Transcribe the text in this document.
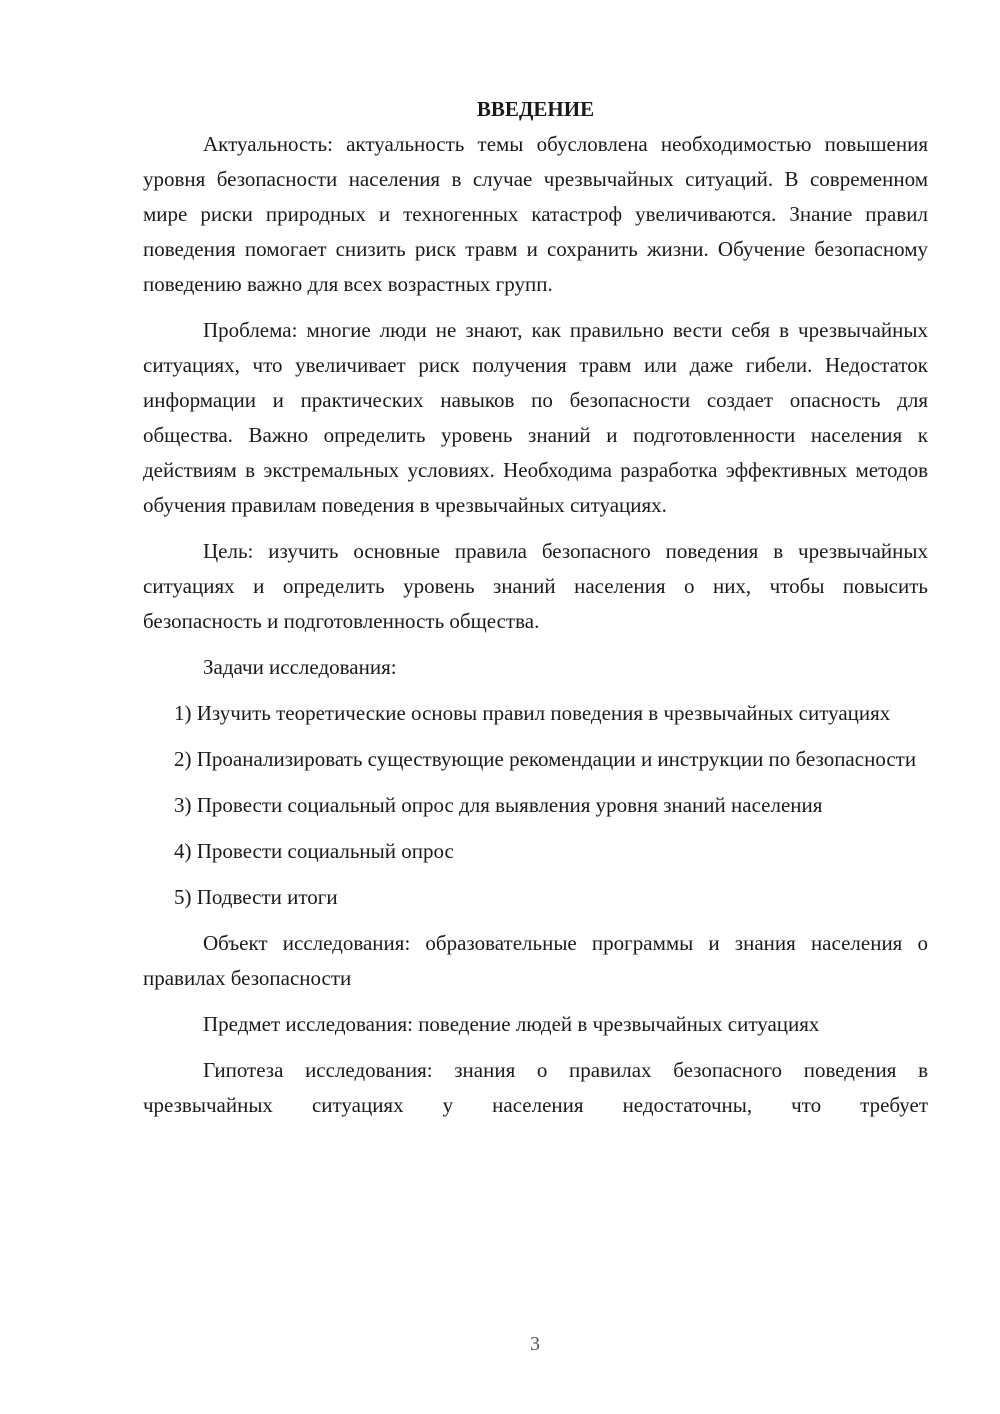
ВВЕДЕНИЕ

Актуальность: актуальность темы обусловлена необходимостью повышения уровня безопасности населения в случае чрезвычайных ситуаций. В современном мире риски природных и техногенных катастроф увеличиваются. Знание правил поведения помогает снизить риск травм и сохранить жизни. Обучение безопасному поведению важно для всех возрастных групп.

Проблема: многие люди не знают, как правильно вести себя в чрезвычайных ситуациях, что увеличивает риск получения травм или даже гибели. Недостаток информации и практических навыков по безопасности создает опасность для общества. Важно определить уровень знаний и подготовленности населения к действиям в экстремальных условиях. Необходима разработка эффективных методов обучения правилам поведения в чрезвычайных ситуациях.

Цель: изучить основные правила безопасного поведения в чрезвычайных ситуациях и определить уровень знаний населения о них, чтобы повысить безопасность и подготовленность общества.

Задачи исследования:

1) Изучить теоретические основы правил поведения в чрезвычайных ситуациях

2) Проанализировать существующие рекомендации и инструкции по безопасности

3) Провести социальный опрос для выявления уровня знаний населения

4) Провести социальный опрос

5) Подвести итоги

Объект исследования: образовательные программы и знания населения о правилах безопасности

Предмет исследования: поведение людей в чрезвычайных ситуациях

Гипотеза исследования: знания о правилах безопасного поведения в чрезвычайных ситуациях у населения недостаточны, что требует

3
